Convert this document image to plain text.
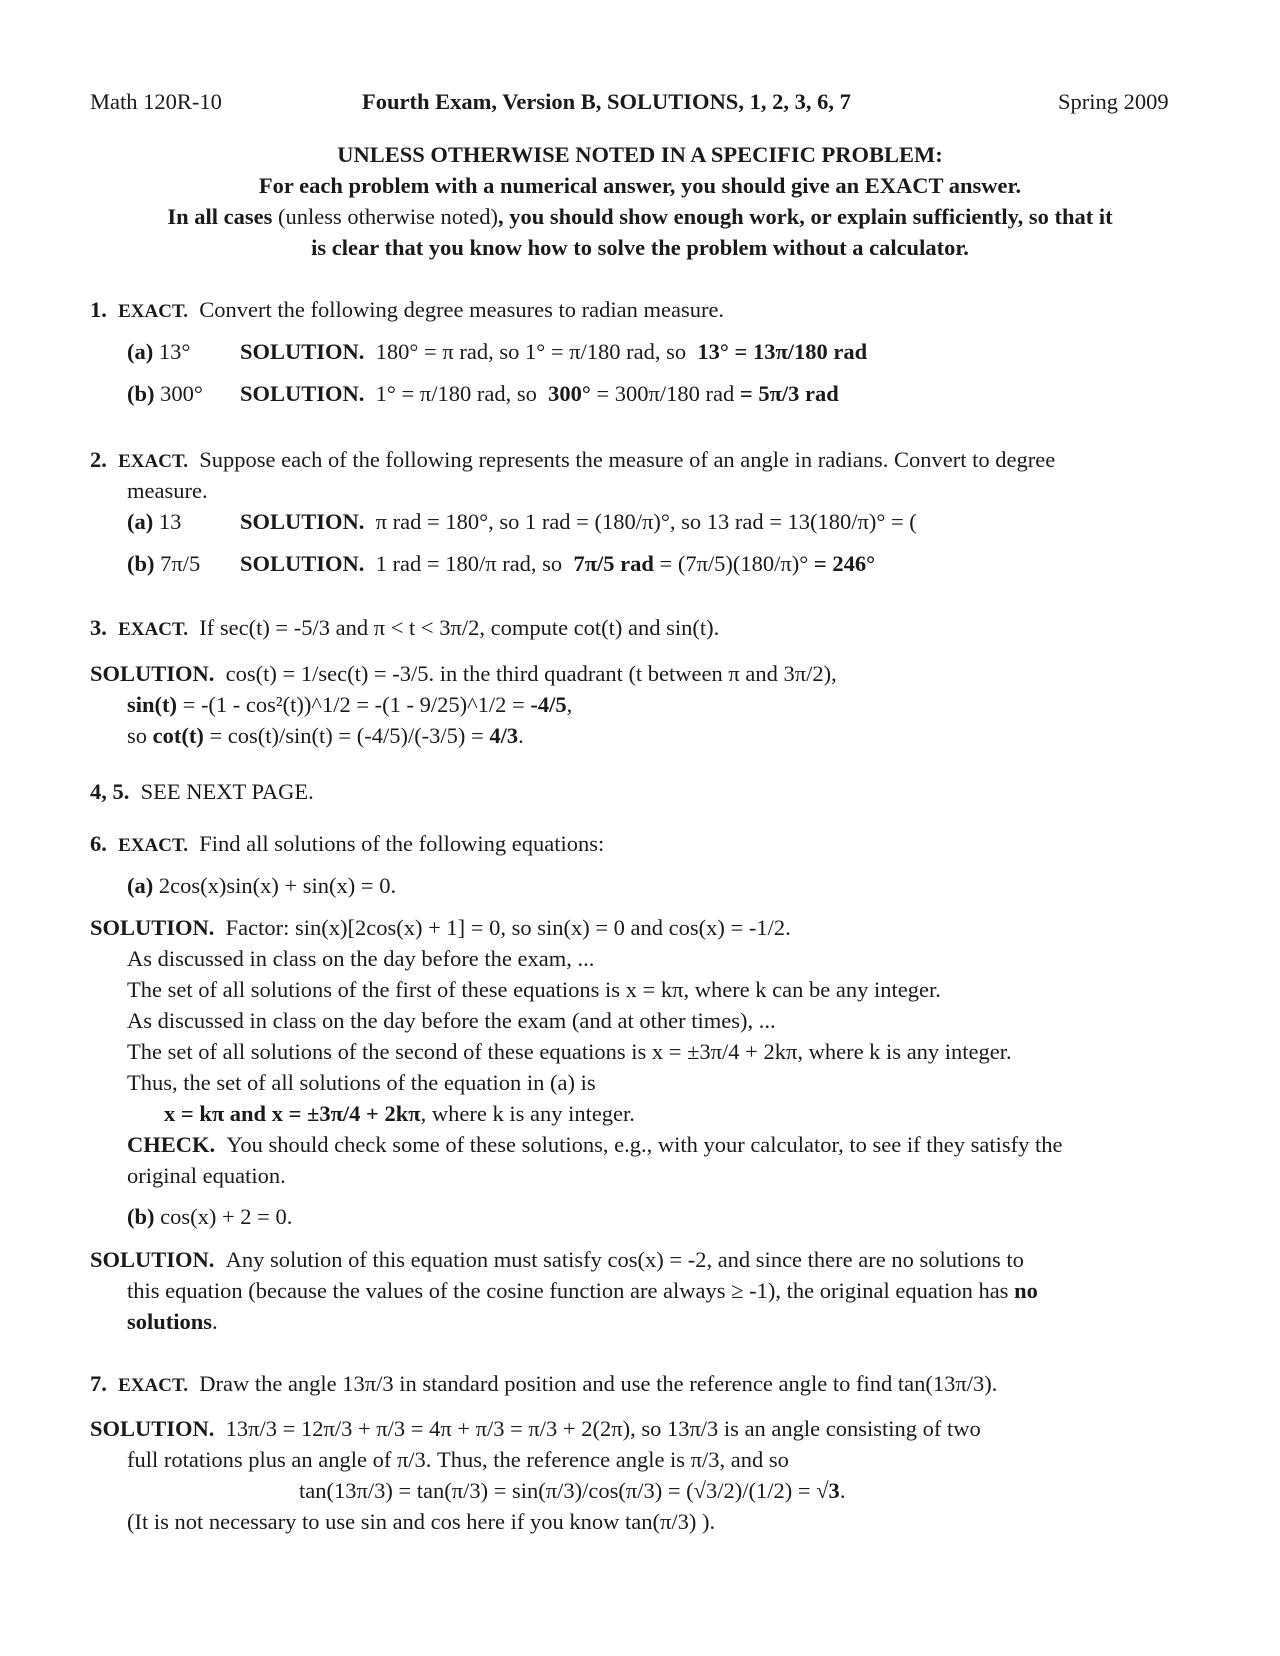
Math 120R-10	Fourth Exam, Version B, SOLUTIONS, 1, 2, 3, 6, 7	Spring 2009
UNLESS OTHERWISE NOTED IN A SPECIFIC PROBLEM:
For each problem with a numerical answer, you should give an EXACT answer.
In all cases (unless otherwise noted), you should show enough work, or explain sufficiently, so that it
is clear that you know how to solve the problem without a calculator.
1. EXACT. Convert the following degree measures to radian measure.
(a) 13° SOLUTION. 180° = π rad, so 1° = π/180 rad, so 13° = 13π/180 rad
(b) 300° SOLUTION. 1° = π/180 rad, so 300° = 300π/180 rad = 5π/3 rad
2. EXACT. Suppose each of the following represents the measure of an angle in radians. Convert to degree
measure.
(a) 13	SOLUTION. π rad = 180°, so 1 rad = (180/π)°, so 13 rad = 13(180/π)° = (
(b) 7π/5 SOLUTION. 1 rad = 180/π rad, so 7π/5 rad = (7π/5)(180/π)° = 246°
3. EXACT. If sec(t) = -5/3 and π < t < 3π/2, compute cot(t) and sin(t).
SOLUTION. cos(t) = 1/sec(t) = -3/5. in the third quadrant (t between π and 3π/2),
sin(t) = -(1 - cos²(t))^1/2 = -(1 - 9/25)^1/2 = -4/5,
so cot(t) = cos(t)/sin(t) = (-4/5)/(-3/5) = 4/3.
4, 5. SEE NEXT PAGE.
6. EXACT. Find all solutions of the following equations:
(a) 2cos(x)sin(x) + sin(x) = 0.
SOLUTION. Factor: sin(x)[2cos(x) + 1] = 0, so sin(x) = 0 and cos(x) = -1/2.
As discussed in class on the day before the exam, ...
The set of all solutions of the first of these equations is x = kπ, where k can be any integer.
As discussed in class on the day before the exam (and at other times), ...
The set of all solutions of the second of these equations is x = ±3π/4 + 2kπ, where k is any integer.
Thus, the set of all solutions of the equation in (a) is
x = kπ and x = ±3π/4 + 2kπ, where k is any integer.
CHECK. You should check some of these solutions, e.g., with your calculator, to see if they satisfy the
original equation.
(b) cos(x) + 2 = 0.
SOLUTION. Any solution of this equation must satisfy cos(x) = -2, and since there are no solutions to
this equation (because the values of the cosine function are always ≥ -1), the original equation has no
solutions.
7. EXACT. Draw the angle 13π/3 in standard position and use the reference angle to find tan(13π/3).
SOLUTION. 13π/3 = 12π/3 + π/3 = 4π + π/3 = π/3 + 2(2π), so 13π/3 is an angle consisting of two
full rotations plus an angle of π/3. Thus, the reference angle is π/3, and so
tan(13π/3) = tan(π/3) = sin(π/3)/cos(π/3) = (√3/2)/(1/2) = √3.
(It is not necessary to use sin and cos here if you know tan(π/3) ).
